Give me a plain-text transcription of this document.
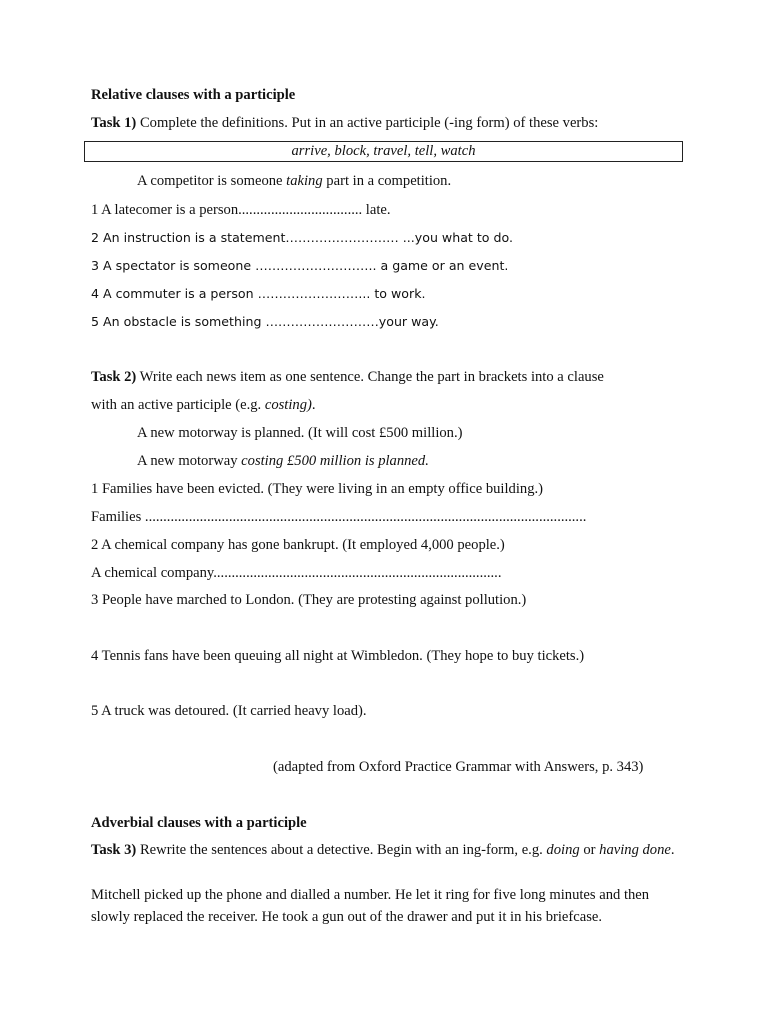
Relative clauses with a participle
Task 1) Complete the definitions. Put in an active participle (-ing form) of these verbs:
arrive, block, travel, tell, watch
A competitor is someone taking part in a competition.
1 A latecomer is a person.................................. late.
2 An instruction is a statement……………………… ...you what to do.
3 A spectator is someone ……………………….. a game or an event.
4 A commuter is a person ……………………... to work.
5 An obstacle is something ………………………your way.
Task 2) Write each news item as one sentence. Change the part in brackets into a clause
with an active participle (e.g. costing).
A new motorway is planned. (It will cost £500 million.)
A new motorway costing £500 million is planned.
1 Families have been evicted. (They were living in an empty office building.)
Families .........................................................................................................................
2 A chemical company has gone bankrupt. (It employed 4,000 people.)
A chemical company...............................................................................
3 People have marched to London. (They are protesting against pollution.)
4 Tennis fans have been queuing all night at Wimbledon. (They hope to buy tickets.)
5 A truck was detoured. (It carried heavy load).
(adapted from Oxford Practice Grammar with Answers, p. 343)
Adverbial clauses with a participle
Task 3) Rewrite the sentences about a detective. Begin with an ing-form, e.g. doing or having done.
Mitchell picked up the phone and dialled a number. He let it ring for five long minutes and then slowly replaced the receiver. He took a gun out of the drawer and put it in his briefcase.
